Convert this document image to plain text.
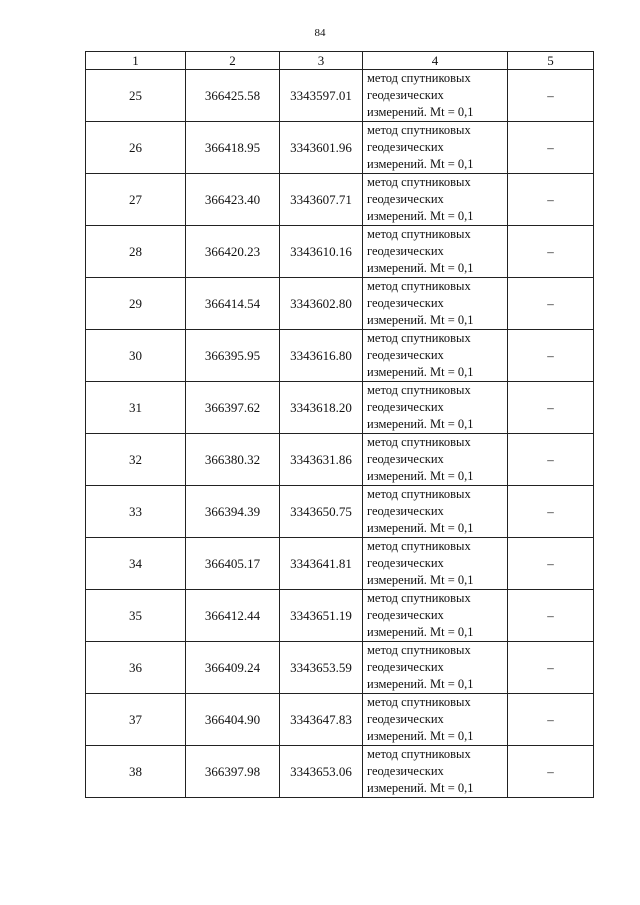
84
1	2	3	4	5
25	366425.58	3343597.01	метод спутниковых
геодезических
измерений. Mt = 0,1	–
26	366418.95	3343601.96	метод спутниковых
геодезических
измерений. Mt = 0,1	–
27	366423.40	3343607.71	метод спутниковых
геодезических
измерений. Mt = 0,1	–
28	366420.23	3343610.16	метод спутниковых
геодезических
измерений. Mt = 0,1	–
29	366414.54	3343602.80	метод спутниковых
геодезических
измерений. Mt = 0,1	–
30	366395.95	3343616.80	метод спутниковых
геодезических
измерений. Mt = 0,1	–
31	366397.62	3343618.20	метод спутниковых
геодезических
измерений. Mt = 0,1	–
32	366380.32	3343631.86	метод спутниковых
геодезических
измерений. Mt = 0,1	–
33	366394.39	3343650.75	метод спутниковых
геодезических
измерений. Mt = 0,1	–
34	366405.17	3343641.81	метод спутниковых
геодезических
измерений. Mt = 0,1	–
35	366412.44	3343651.19	метод спутниковых
геодезических
измерений. Mt = 0,1	–
36	366409.24	3343653.59	метод спутниковых
геодезических
измерений. Mt = 0,1	–
37	366404.90	3343647.83	метод спутниковых
геодезических
измерений. Mt = 0,1	–
38	366397.98	3343653.06	метод спутниковых
геодезических
измерений. Mt = 0,1	–
